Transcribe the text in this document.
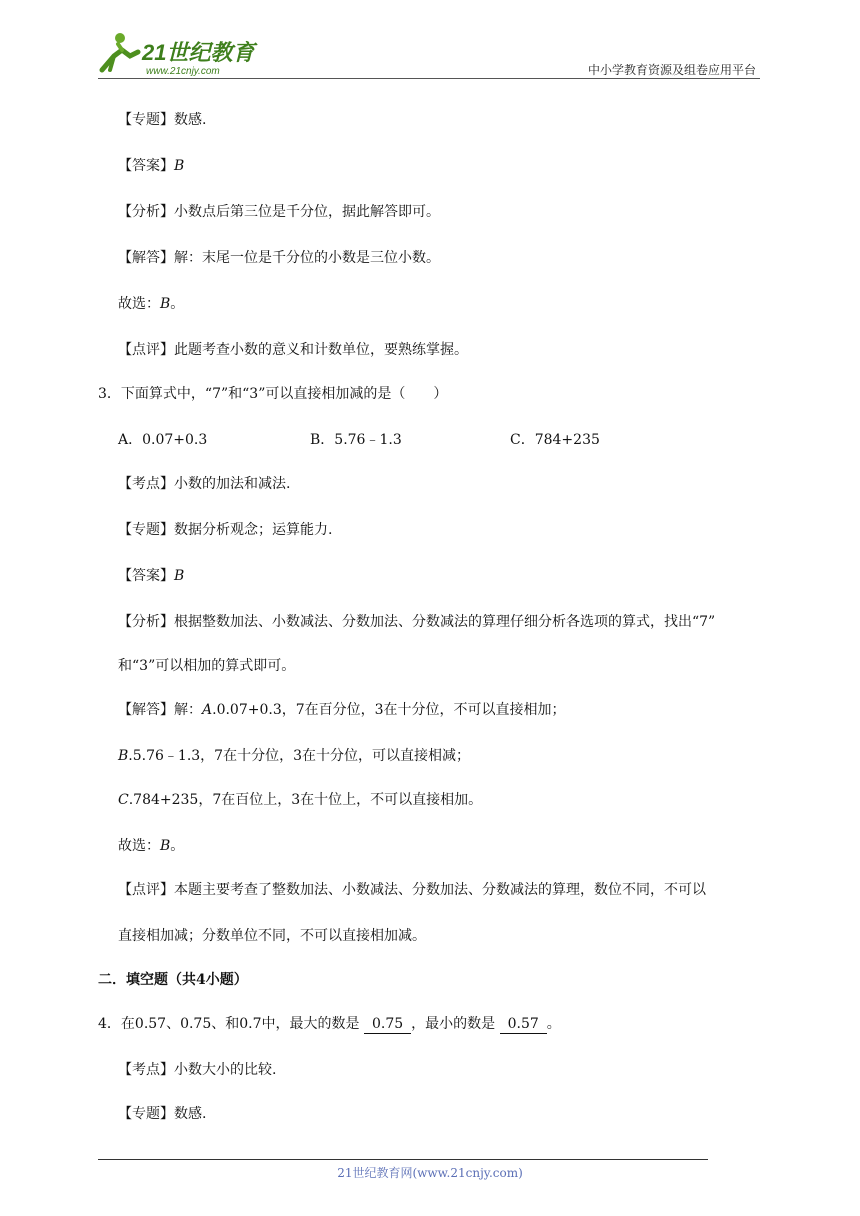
21世纪教育
www.21cnjy.com	中小学教育资源及组卷应用平台
【专题】数感.
【答案】B
【分析】小数点后第三位是千分位，据此解答即可。
【解答】解：末尾一位是千分位的小数是三位小数。
故选：B。
【点评】此题考查小数的意义和计数单位，要熟练掌握。
3．下面算式中，“7”和“3”可以直接相加减的是（　　）
A．0.07+0.3	B．5.76﹣1.3	C．784+235
【考点】小数的加法和减法.
【专题】数据分析观念；运算能力.
【答案】B
【分析】根据整数加法、小数减法、分数加法、分数减法的算理仔细分析各选项的算式，找出“7”
和“3”可以相加的算式即可。
【解答】解：A.0.07+0.3，7在百分位，3在十分位，不可以直接相加；
B.5.76﹣1.3，7在十分位，3在十分位，可以直接相减；
C.784+235，7在百位上，3在十位上，不可以直接相加。
故选：B。
【点评】本题主要考查了整数加法、小数减法、分数加法、分数减法的算理，数位不同，不可以
直接相加减；分数单位不同，不可以直接相加减。
二．填空题（共4小题）
4．在0.57、0.75、和0.7中，最大的数是 0.75 ，最小的数是 0.57 。
【考点】小数大小的比较.
【专题】数感.
21世纪教育网(www.21cnjy.com)
